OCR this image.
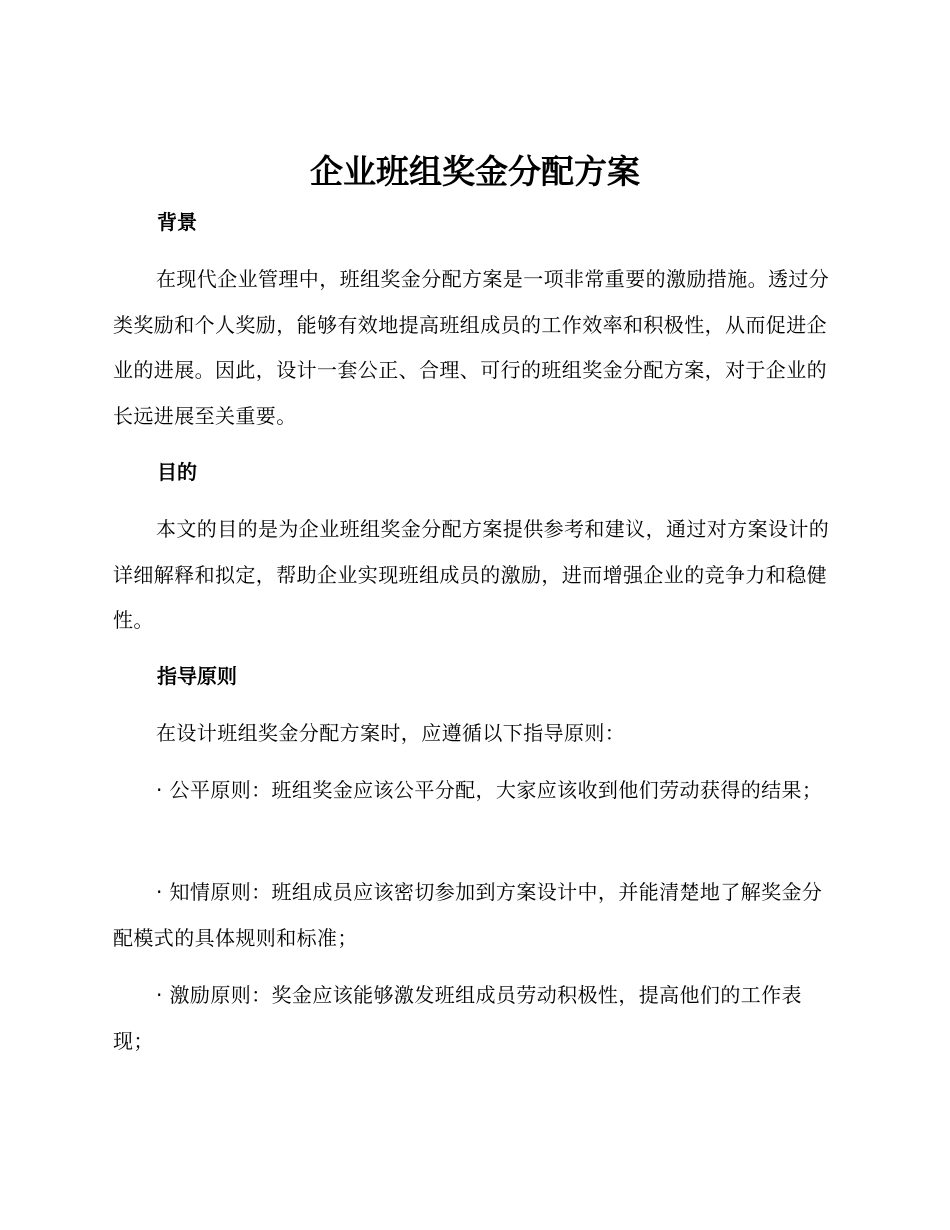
企业班组奖金分配方案
背景

在现代企业管理中，班组奖金分配方案是一项非常重要的激励措施。透过分类奖励和个人奖励，能够有效地提高班组成员的工作效率和积极性，从而促进企业的进展。因此，设计一套公正、合理、可行的班组奖金分配方案，对于企业的长远进展至关重要。

目的

本文的目的是为企业班组奖金分配方案提供参考和建议，通过对方案设计的详细解释和拟定，帮助企业实现班组成员的激励，进而增强企业的竞争力和稳健性。

指导原则

在设计班组奖金分配方案时，应遵循以下指导原则：

· 公平原则：班组奖金应该公平分配，大家应该收到他们劳动获得的结果；

· 知情原则：班组成员应该密切参加到方案设计中，并能清楚地了解奖金分配模式的具体规则和标准；

· 激励原则：奖金应该能够激发班组成员劳动积极性，提高他们的工作表现；
